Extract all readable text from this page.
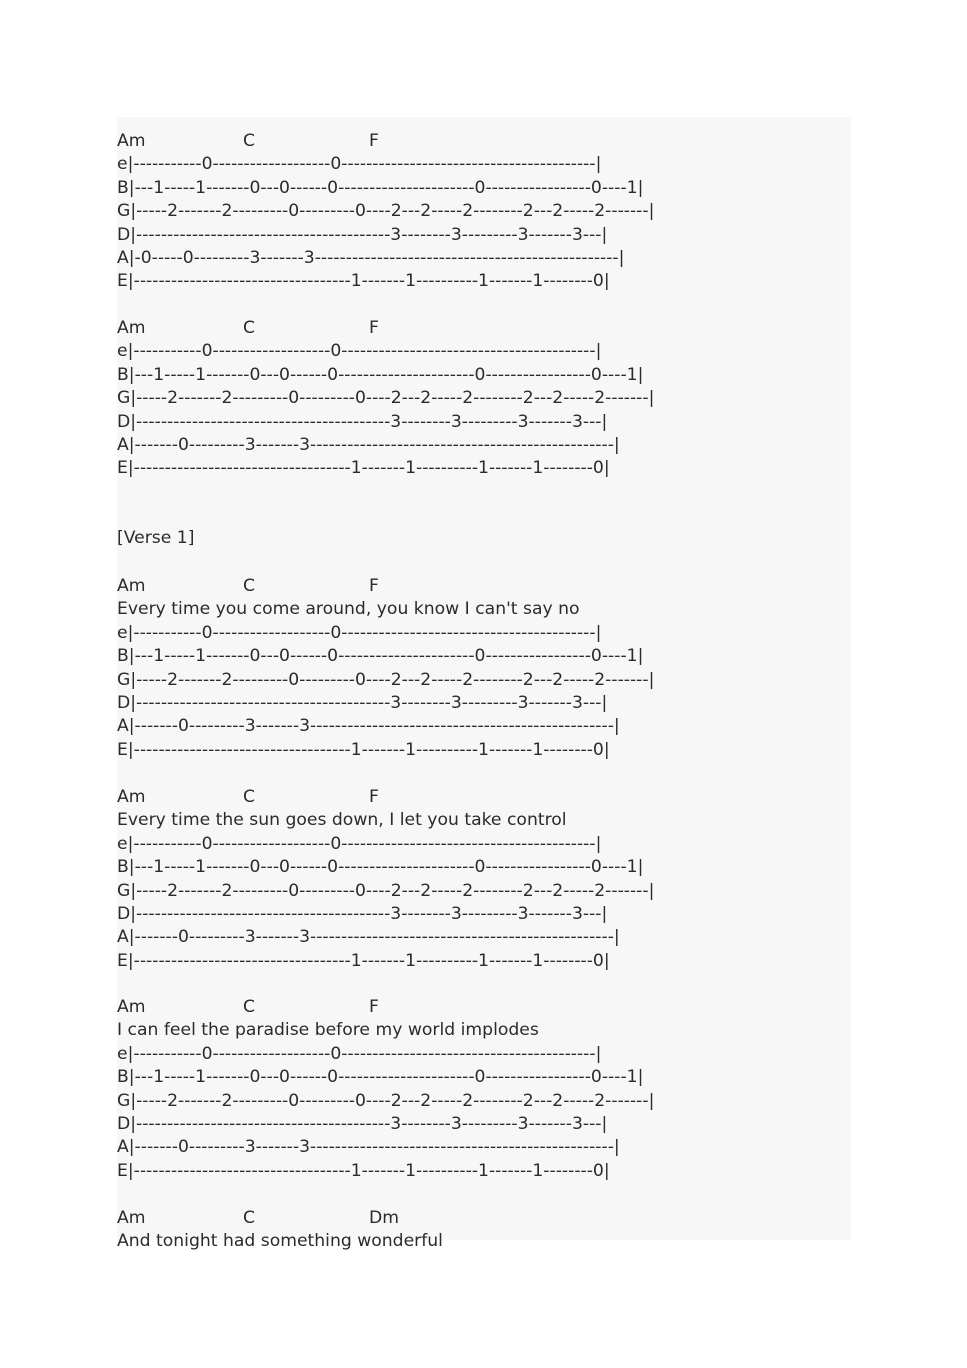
Am	C	F
e|-----------0-------------------0-----------------------------------------|
B|---1-----1-------0---0------0----------------------0-----------------0----1|
G|-----2-------2---------0---------0----2---2-----2--------2---2-----2-------|
D|-----------------------------------------3--------3---------3-------3---|
A|-0-----0---------3-------3-------------------------------------------------|
E|-----------------------------------1-------1----------1-------1--------0|
Am	C	F
e|-----------0-------------------0-----------------------------------------|
B|---1-----1-------0---0------0----------------------0-----------------0----1|
G|-----2-------2---------0---------0----2---2-----2--------2---2-----2-------|
D|-----------------------------------------3--------3---------3-------3---|
A|-------0---------3-------3-------------------------------------------------|
E|-----------------------------------1-------1----------1-------1--------0|
[Verse 1]
Am	C	F
Every time you come around, you know I can't say no
e|-----------0-------------------0-----------------------------------------|
B|---1-----1-------0---0------0----------------------0-----------------0----1|
G|-----2-------2---------0---------0----2---2-----2--------2---2-----2-------|
D|-----------------------------------------3--------3---------3-------3---|
A|-------0---------3-------3-------------------------------------------------|
E|-----------------------------------1-------1----------1-------1--------0|
Am	C	F
Every time the sun goes down, I let you take control
e|-----------0-------------------0-----------------------------------------|
B|---1-----1-------0---0------0----------------------0-----------------0----1|
G|-----2-------2---------0---------0----2---2-----2--------2---2-----2-------|
D|-----------------------------------------3--------3---------3-------3---|
A|-------0---------3-------3-------------------------------------------------|
E|-----------------------------------1-------1----------1-------1--------0|
Am	C	F
I can feel the paradise before my world implodes
e|-----------0-------------------0-----------------------------------------|
B|---1-----1-------0---0------0----------------------0-----------------0----1|
G|-----2-------2---------0---------0----2---2-----2--------2---2-----2-------|
D|-----------------------------------------3--------3---------3-------3---|
A|-------0---------3-------3-------------------------------------------------|
E|-----------------------------------1-------1----------1-------1--------0|
Am	C	Dm
And tonight had something wonderful
